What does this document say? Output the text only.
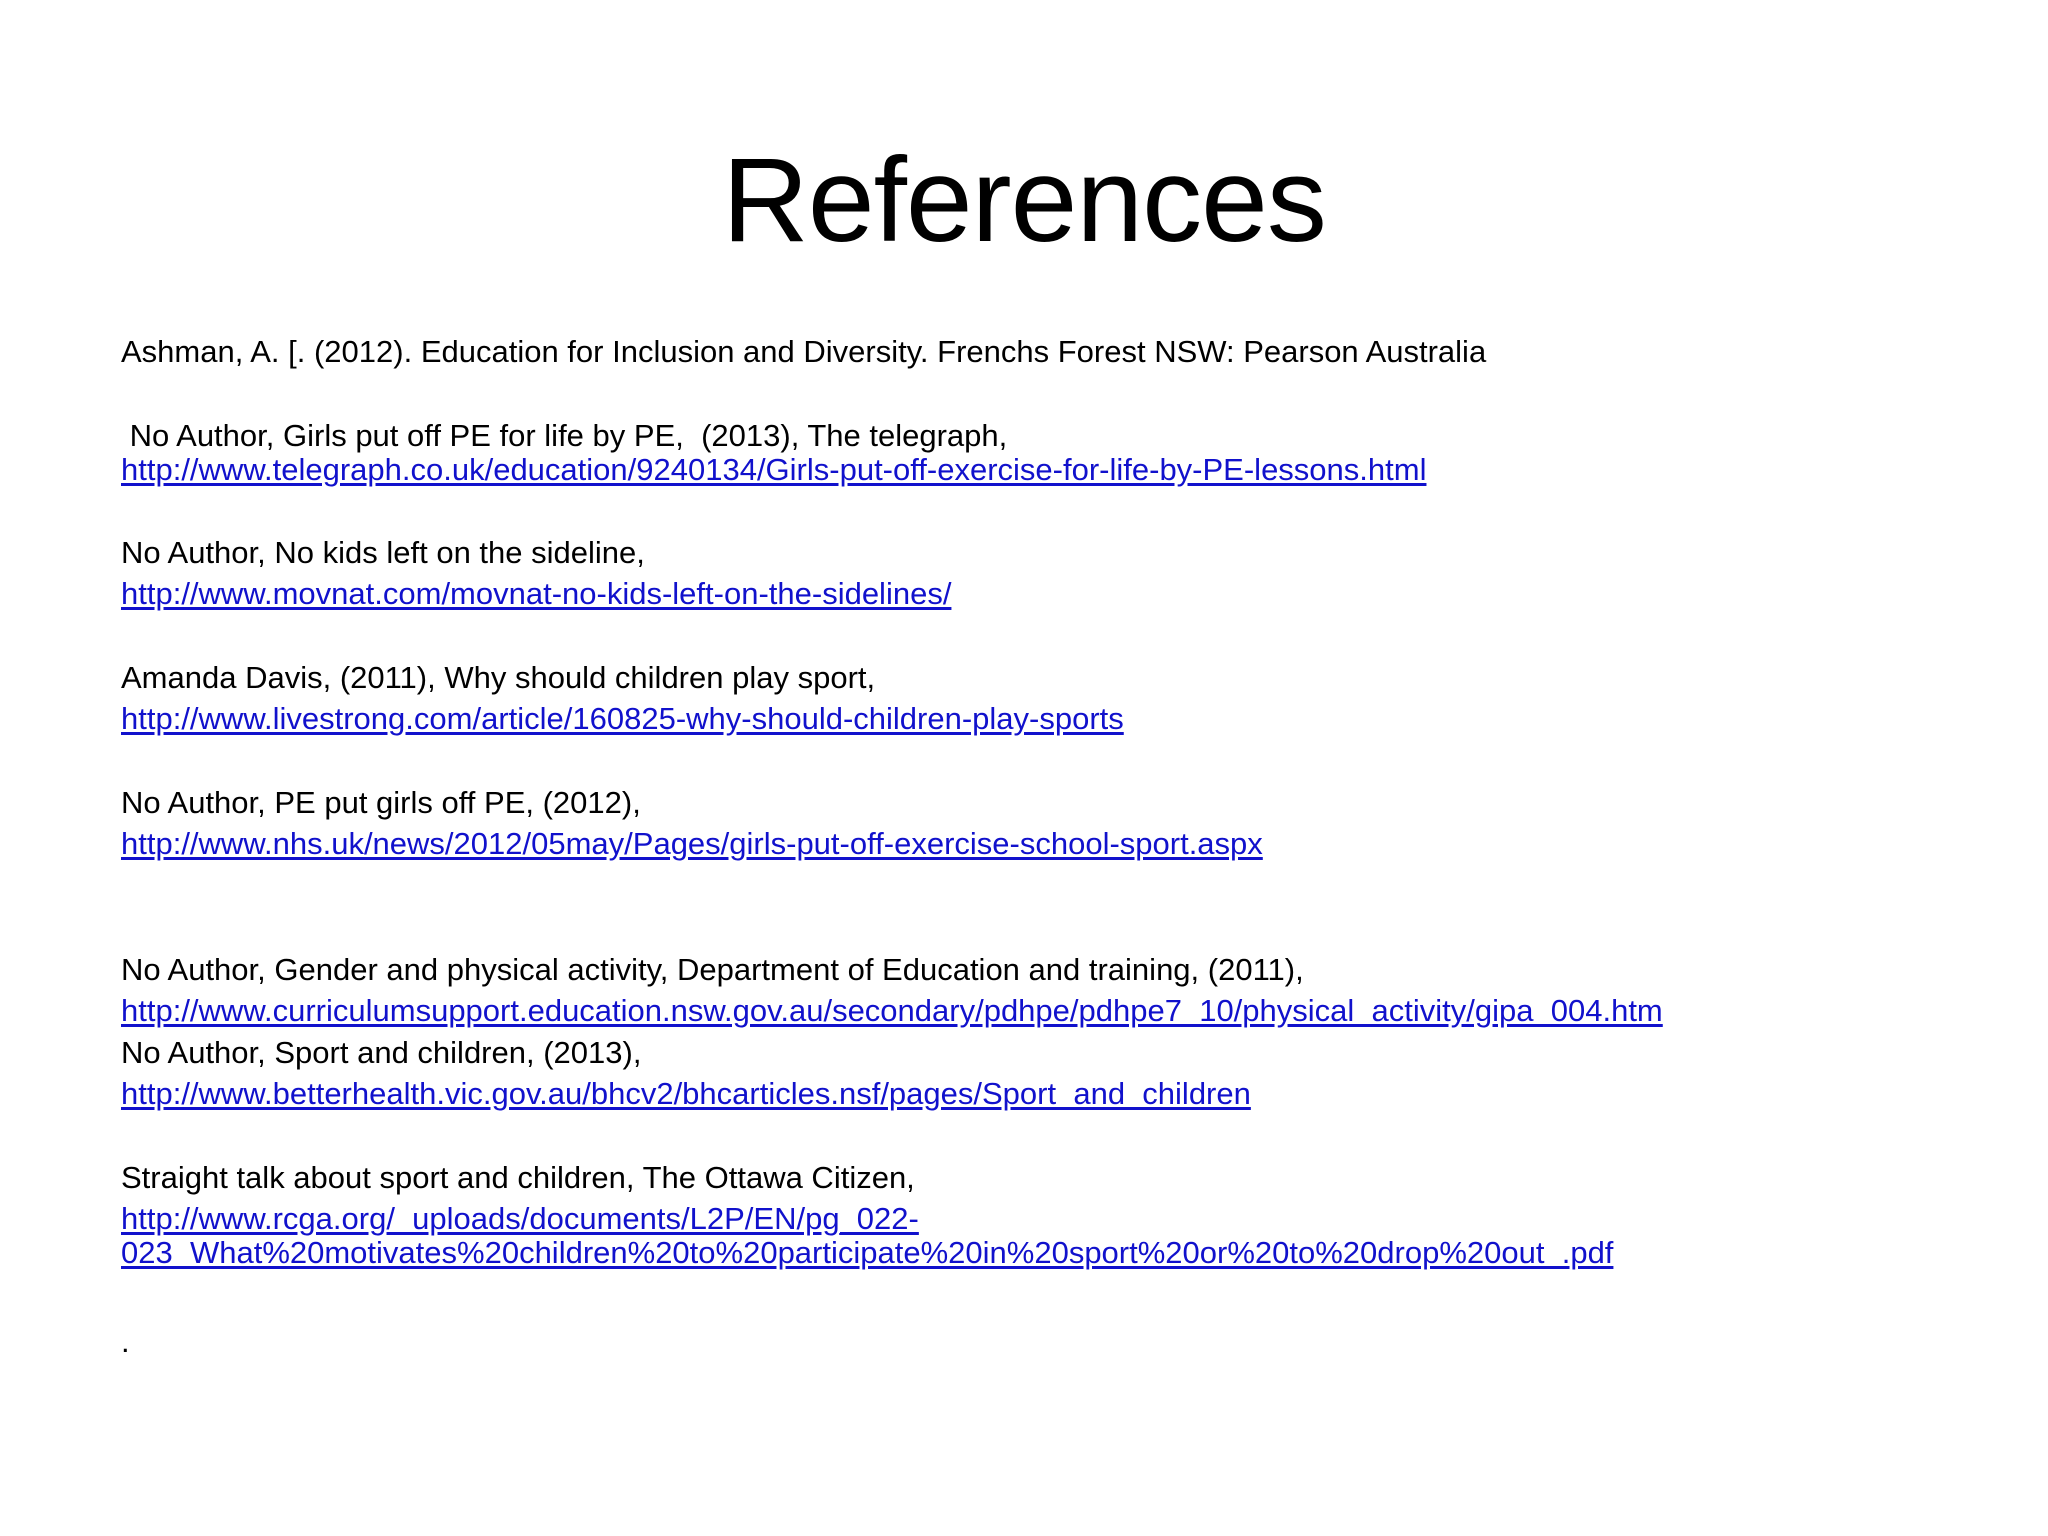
References
Ashman, A. [. (2012). Education for Inclusion and Diversity. Frenchs Forest NSW: Pearson Australia
No Author, Girls put off PE for life by PE,  (2013), The telegraph,
http://www.telegraph.co.uk/education/9240134/Girls-put-off-exercise-for-life-by-PE-lessons.html
No Author, No kids left on the sideline,
http://www.movnat.com/movnat-no-kids-left-on-the-sidelines/
Amanda Davis, (2011), Why should children play sport,
http://www.livestrong.com/article/160825-why-should-children-play-sports
No Author, PE put girls off PE, (2012),
http://www.nhs.uk/news/2012/05may/Pages/girls-put-off-exercise-school-sport.aspx
No Author, Gender and physical activity, Department of Education and training, (2011),
http://www.curriculumsupport.education.nsw.gov.au/secondary/pdhpe/pdhpe7_10/physical_activity/gipa_004.htm
No Author, Sport and children, (2013),
http://www.betterhealth.vic.gov.au/bhcv2/bhcarticles.nsf/pages/Sport_and_children
Straight talk about sport and children, The Ottawa Citizen,
http://www.rcga.org/_uploads/documents/L2P/EN/pg_022-
023_What%20motivates%20children%20to%20participate%20in%20sport%20or%20to%20drop%20out_.pdf
.
